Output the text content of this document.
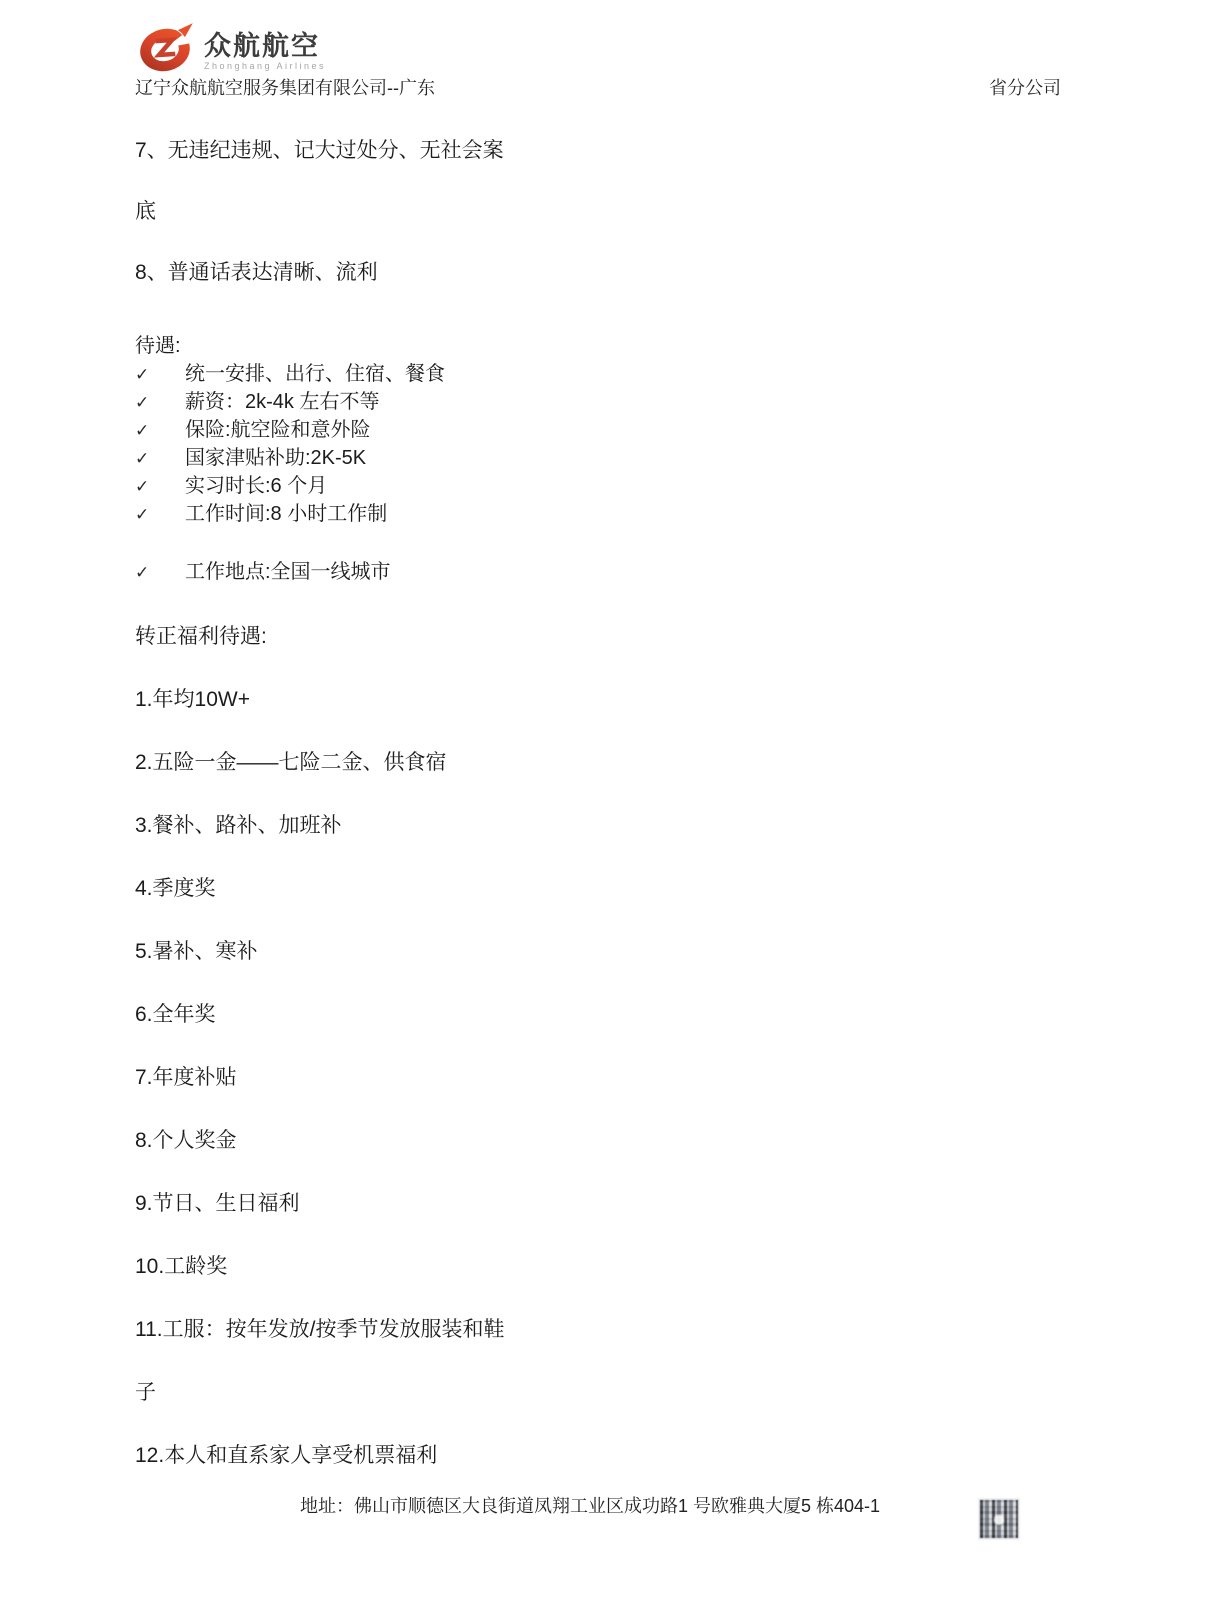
众航航空
Zhonghang Airlines
辽宁众航航空服务集团有限公司--广东	省分公司

7、无违纪违规、记大过处分、无社会案

底

8、普通话表达清晰、流利

待遇:

✓	统一安排、出行、住宿、餐食
✓	薪资：2k-4k 左右不等
✓	保险:航空险和意外险
✓	国家津贴补助:2K-5K
✓	实习时长:6 个月
✓	工作时间:8 小时工作制
✓	工作地点:全国一线城市

转正福利待遇:

1.年均10W+

2.五险一金——七险二金、供食宿

3.餐补、路补、加班补

4.季度奖

5.暑补、寒补

6.全年奖

7.年度补贴

8.个人奖金

9.节日、生日福利

10.工龄奖

11.工服：按年发放/按季节发放服装和鞋

子

12.本人和直系家人享受机票福利

地址：佛山市顺德区大良街道凤翔工业区成功路1 号欧雅典大厦5 栋404-1
